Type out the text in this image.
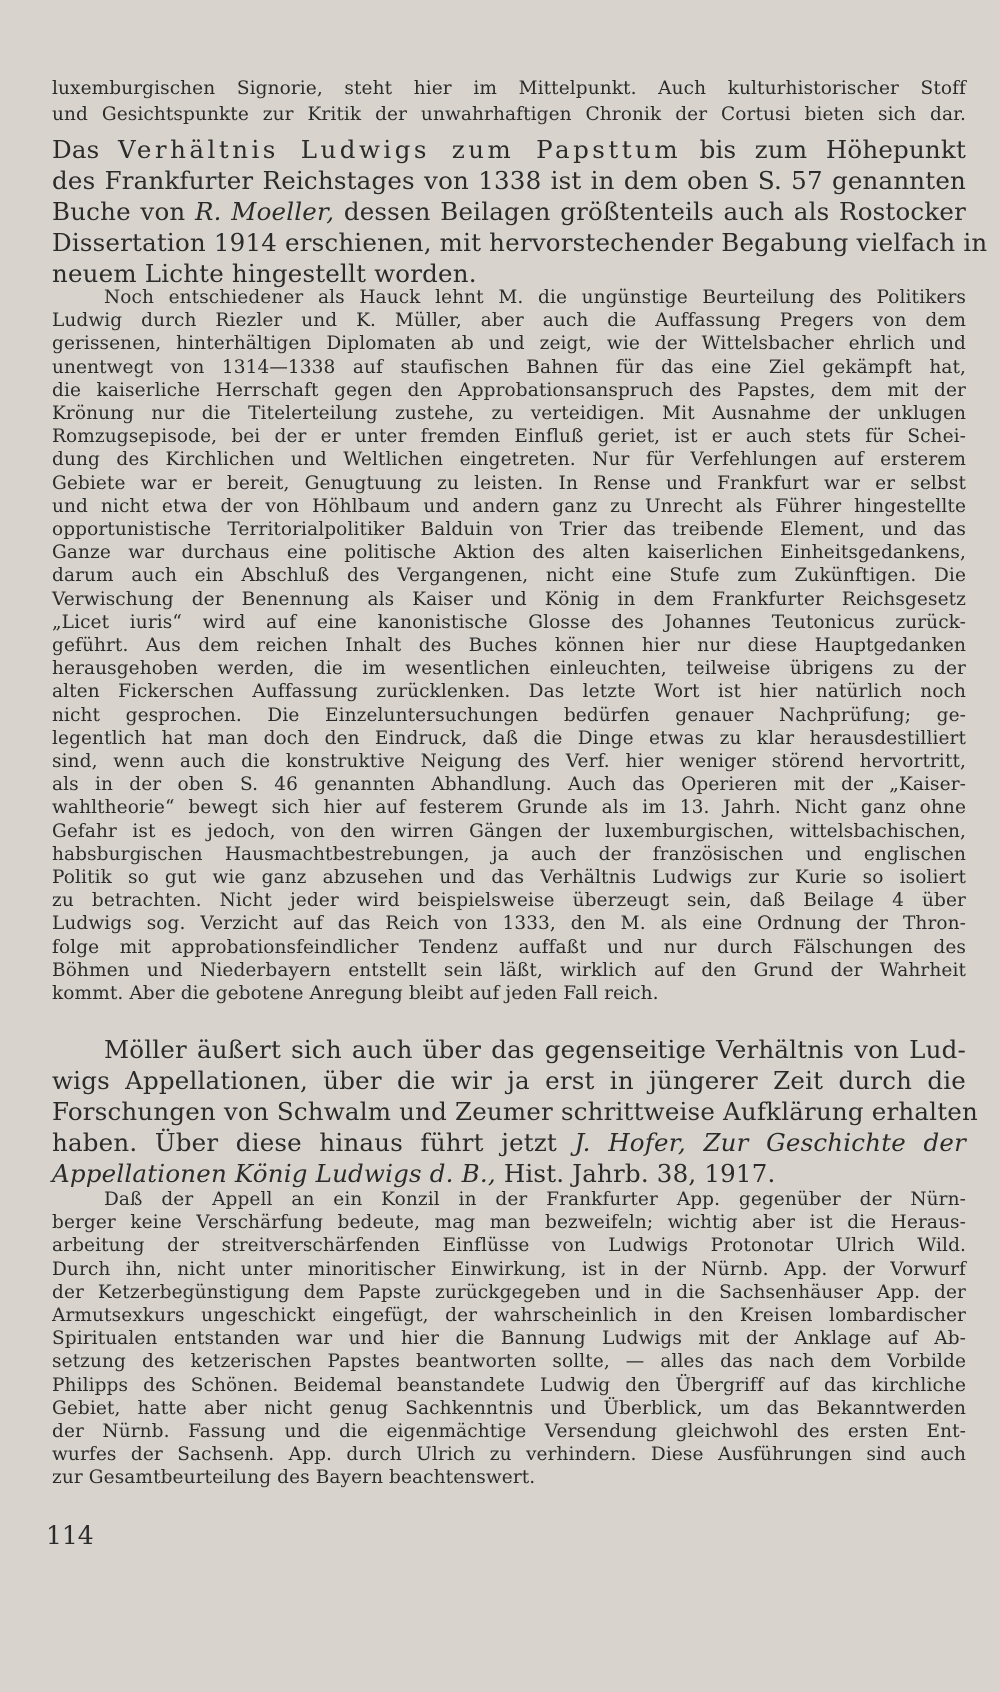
luxemburgischen Signorie, steht hier im Mittelpunkt. Auch kulturhistorischer Stoff
und Gesichtspunkte zur Kritik der unwahrhaftigen Chronik der Cortusi bieten sich dar.
Das Verhältnis Ludwigs zum Papsttum bis zum Höhepunkt
des Frankfurter Reichstages von 1338 ist in dem oben S. 57 genannten
Buche von R. Moeller, dessen Beilagen größtenteils auch als Rostocker
Dissertation 1914 erschienen, mit hervorstechender Begabung vielfach in
neuem Lichte hingestellt worden.
Noch entschiedener als Hauck lehnt M. die ungünstige Beurteilung des Politikers
Ludwig durch Riezler und K. Müller, aber auch die Auffassung Pregers von dem
gerissenen, hinterhältigen Diplomaten ab und zeigt, wie der Wittelsbacher ehrlich und
unentwegt von 1314—1338 auf staufischen Bahnen für das eine Ziel gekämpft hat,
die kaiserliche Herrschaft gegen den Approbationsanspruch des Papstes, dem mit der
Krönung nur die Titelerteilung zustehe, zu verteidigen. Mit Ausnahme der unklugen
Romzugsepisode, bei der er unter fremden Einfluß geriet, ist er auch stets für Schei-
dung des Kirchlichen und Weltlichen eingetreten. Nur für Verfehlungen auf ersterem
Gebiete war er bereit, Genugtuung zu leisten. In Rense und Frankfurt war er selbst
und nicht etwa der von Höhlbaum und andern ganz zu Unrecht als Führer hingestellte
opportunistische Territorialpolitiker Balduin von Trier das treibende Element, und das
Ganze war durchaus eine politische Aktion des alten kaiserlichen Einheitsgedankens,
darum auch ein Abschluß des Vergangenen, nicht eine Stufe zum Zukünftigen. Die
Verwischung der Benennung als Kaiser und König in dem Frankfurter Reichsgesetz
„Licet iuris“ wird auf eine kanonistische Glosse des Johannes Teutonicus zurück-
geführt. Aus dem reichen Inhalt des Buches können hier nur diese Hauptgedanken
herausgehoben werden, die im wesentlichen einleuchten, teilweise übrigens zu der
alten Fickerschen Auffassung zurücklenken. Das letzte Wort ist hier natürlich noch
nicht gesprochen. Die Einzeluntersuchungen bedürfen genauer Nachprüfung; ge-
legentlich hat man doch den Eindruck, daß die Dinge etwas zu klar herausdestilliert
sind, wenn auch die konstruktive Neigung des Verf. hier weniger störend hervortritt,
als in der oben S. 46 genannten Abhandlung. Auch das Operieren mit der „Kaiser-
wahltheorie“ bewegt sich hier auf festerem Grunde als im 13. Jahrh. Nicht ganz ohne
Gefahr ist es jedoch, von den wirren Gängen der luxemburgischen, wittelsbachischen,
habsburgischen Hausmachtbestrebungen, ja auch der französischen und englischen
Politik so gut wie ganz abzusehen und das Verhältnis Ludwigs zur Kurie so isoliert
zu betrachten. Nicht jeder wird beispielsweise überzeugt sein, daß Beilage 4 über
Ludwigs sog. Verzicht auf das Reich von 1333, den M. als eine Ordnung der Thron-
folge mit approbationsfeindlicher Tendenz auffaßt und nur durch Fälschungen des
Böhmen und Niederbayern entstellt sein läßt, wirklich auf den Grund der Wahrheit
kommt. Aber die gebotene Anregung bleibt auf jeden Fall reich.
Möller äußert sich auch über das gegenseitige Verhältnis von Lud-
wigs Appellationen, über die wir ja erst in jüngerer Zeit durch die
Forschungen von Schwalm und Zeumer schrittweise Aufklärung erhalten
haben. Über diese hinaus führt jetzt J. Hofer, Zur Geschichte der
Appellationen König Ludwigs d. B., Hist. Jahrb. 38, 1917.
Daß der Appell an ein Konzil in der Frankfurter App. gegenüber der Nürn-
berger keine Verschärfung bedeute, mag man bezweifeln; wichtig aber ist die Heraus-
arbeitung der streitverschärfenden Einflüsse von Ludwigs Protonotar Ulrich Wild.
Durch ihn, nicht unter minoritischer Einwirkung, ist in der Nürnb. App. der Vorwurf
der Ketzerbegünstigung dem Papste zurückgegeben und in die Sachsenhäuser App. der
Armutsexkurs ungeschickt eingefügt, der wahrscheinlich in den Kreisen lombardischer
Spiritualen entstanden war und hier die Bannung Ludwigs mit der Anklage auf Ab-
setzung des ketzerischen Papstes beantworten sollte, — alles das nach dem Vorbilde
Philipps des Schönen. Beidemal beanstandete Ludwig den Übergriff auf das kirchliche
Gebiet, hatte aber nicht genug Sachkenntnis und Überblick, um das Bekanntwerden
der Nürnb. Fassung und die eigenmächtige Versendung gleichwohl des ersten Ent-
wurfes der Sachsenh. App. durch Ulrich zu verhindern. Diese Ausführungen sind auch
zur Gesamtbeurteilung des Bayern beachtenswert.
114
